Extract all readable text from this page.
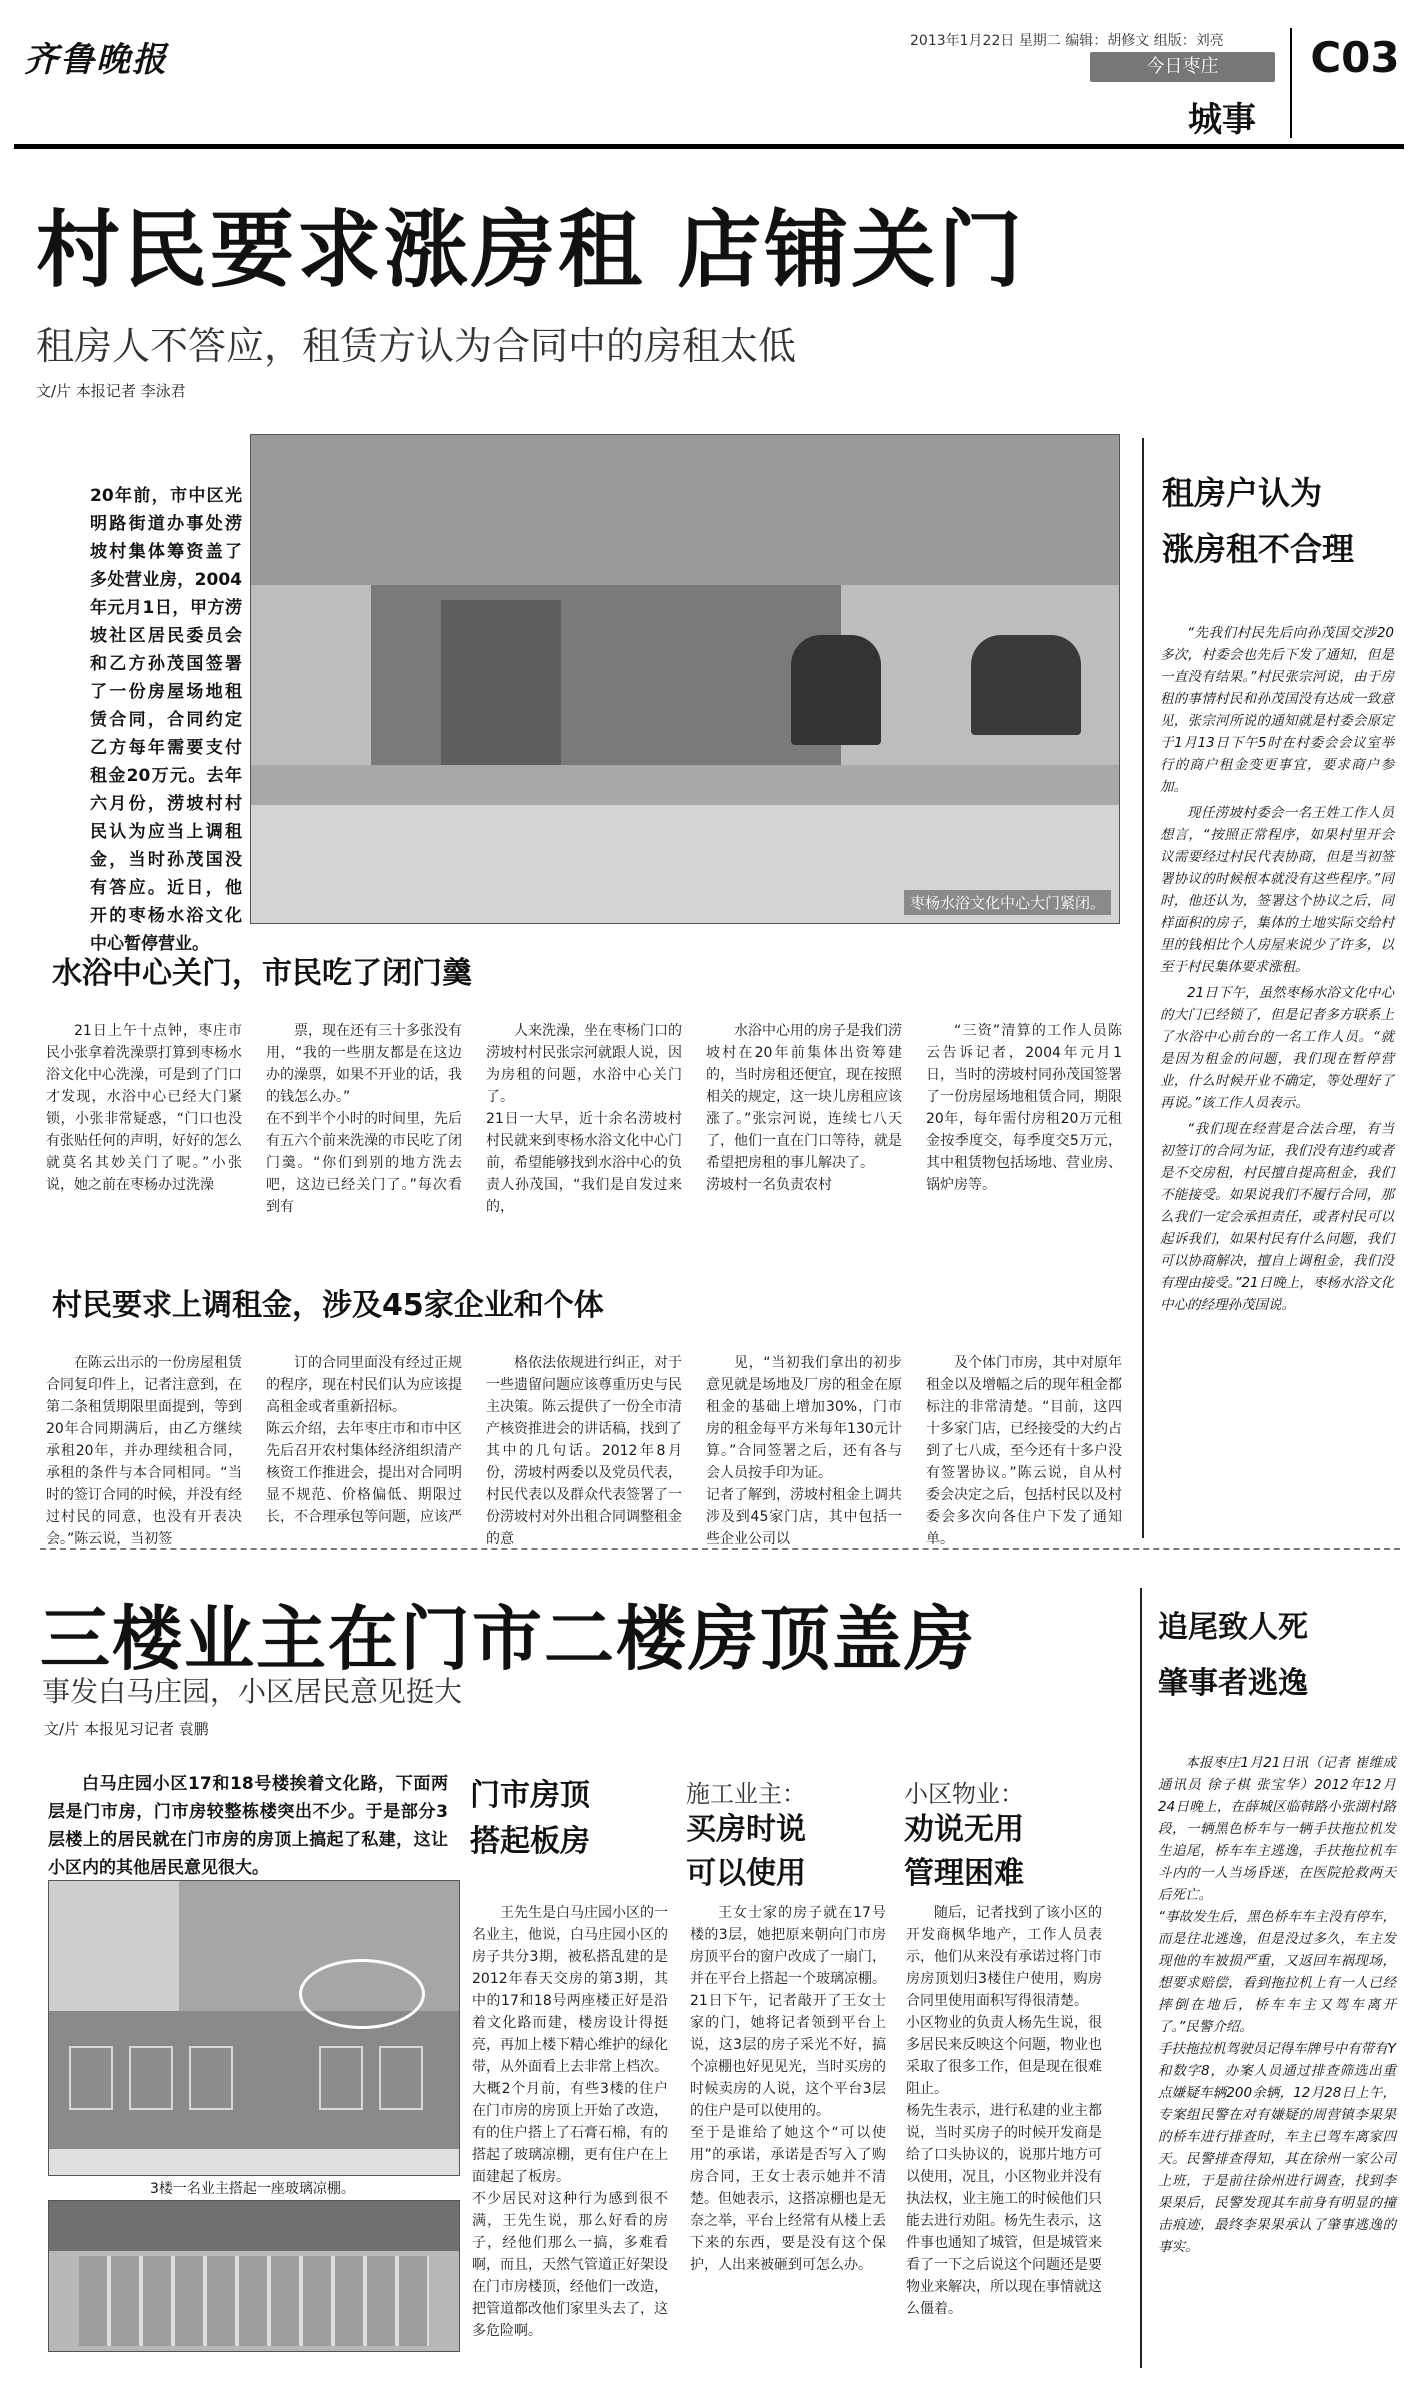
齐鲁晚报	2013年1月22日 星期二 编辑：胡修文 组版：刘亮
今日枣庄
城事
C03
村民要求涨房租 店铺关门
租房人不答应，租赁方认为合同中的房租太低
文/片 本报记者 李泳君
20年前，市中区光明路街道办事处涝坡村集体筹资盖了多处营业房，2004年元月1日，甲方涝坡社区居民委员会和乙方孙茂国签署了一份房屋场地租赁合同，合同约定乙方每年需要支付租金20万元。去年六月份，涝坡村村民认为应当上调租金，当时孙茂国没有答应。近日，他开的枣杨水浴文化中心暂停营业。
枣杨水浴文化中心大门紧闭。
租房户认为
涨房租不合理

“先我们村民先后向孙茂国交涉20多次，村委会也先后下发了通知，但是一直没有结果。”村民张宗河说，由于房租的事情村民和孙茂国没有达成一致意见，张宗河所说的通知就是村委会原定于1月13日下午5时在村委会会议室举行的商户租金变更事宜，要求商户参加。

现任涝坡村委会一名王姓工作人员想言，“按照正常程序，如果村里开会议需要经过村民代表协商，但是当初签署协议的时候根本就没有这些程序。”同时，他还认为，签署这个协议之后，同样面积的房子，集体的土地实际交给村里的钱相比个人房屋来说少了许多，以至于村民集体要求涨租。

21日下午，虽然枣杨水浴文化中心的大门已经锁了，但是记者多方联系上了水浴中心前台的一名工作人员。“就是因为租金的问题，我们现在暂停营业，什么时候开业不确定，等处理好了再说。”该工作人员表示。

“我们现在经营是合法合理，有当初签订的合同为证，我们没有违约或者是不交房租，村民擅自提高租金，我们不能接受。如果说我们不履行合同，那么我们一定会承担责任，或者村民可以起诉我们，如果村民有什么问题，我们可以协商解决，擅自上调租金，我们没有理由接受。”21日晚上，枣杨水浴文化中心的经理孙茂国说。

水浴中心关门，市民吃了闭门羹
21日上午十点钟，枣庄市民小张拿着洗澡票打算到枣杨水浴文化中心洗澡，可是到了门口才发现，水浴中心已经大门紧锁，小张非常疑惑，“门口也没有张贴任何的声明，好好的怎么就莫名其妙关门了呢。”小张说，她之前在枣杨办过洗澡
票，现在还有三十多张没有用，“我的一些朋友都是在这边办的澡票，如果不开业的话，我的钱怎么办。”
在不到半个小时的时间里，先后有五六个前来洗澡的市民吃了闭门羹。“你们到别的地方洗去吧，这边已经关门了。”每次看到有
人来洗澡，坐在枣杨门口的涝坡村村民张宗河就跟人说，因为房租的问题，水浴中心关门了。
21日一大早，近十余名涝坡村村民就来到枣杨水浴文化中心门前，希望能够找到水浴中心的负责人孙茂国，“我们是自发过来的，
水浴中心用的房子是我们涝坡村在20年前集体出资筹建的，当时房租还便宜，现在按照相关的规定，这一块儿房租应该涨了。”张宗河说，连续七八天了，他们一直在门口等待，就是希望把房租的事儿解决了。
涝坡村一名负责农村
“三资”清算的工作人员陈云告诉记者，2004年元月1日，当时的涝坡村同孙茂国签署了一份房屋场地租赁合同，期限20年，每年需付房租20万元租金按季度交，每季度交5万元，其中租赁物包括场地、营业房、锅炉房等。
村民要求上调租金，涉及45家企业和个体
在陈云出示的一份房屋租赁合同复印件上，记者注意到，在第二条租赁期限里面提到，等到20年合同期满后，由乙方继续承租20年，并办理续租合同，承租的条件与本合同相同。“当时的签订合同的时候，并没有经过村民的同意，也没有开表决会。”陈云说，当初签
订的合同里面没有经过正规的程序，现在村民们认为应该提高租金或者重新招标。
陈云介绍，去年枣庄市和市中区先后召开农村集体经济组织清产核资工作推进会，提出对合同明显不规范、价格偏低、期限过长，不合理承包等问题，应该严
格依法依规进行纠正，对于一些遗留问题应该尊重历史与民主决策。陈云提供了一份全市清产核资推进会的讲话稿，找到了其中的几句话。2012年8月份，涝坡村两委以及党员代表，村民代表以及群众代表签署了一份涝坡村对外出租合同调整租金的意
见，“当初我们拿出的初步意见就是场地及厂房的租金在原租金的基础上增加30%，门市房的租金每平方米每年130元计算。”合同签署之后，还有各与会人员按手印为证。
记者了解到，涝坡村租金上调共涉及到45家门店，其中包括一些企业公司以
及个体门市房，其中对原年租金以及增幅之后的现年租金都标注的非常清楚。“目前，这四十多家门店，已经接受的大约占到了七八成，至今还有十多户没有签署协议。”陈云说，自从村委会决定之后，包括村民以及村委会多次向各住户下发了通知单。
三楼业主在门市二楼房顶盖房
事发白马庄园，小区居民意见挺大
文/片 本报见习记者 袁鹏
白马庄园小区17和18号楼挨着文化路，下面两层是门市房，门市房较整栋楼突出不少。于是部分3层楼上的居民就在门市房的房顶上搞起了私建，这让小区内的其他居民意见很大。
3楼一名业主搭起一座玻璃凉棚。
门市房顶
搭起板房
施工业主：
买房时说
可以使用
小区物业：
劝说无用
管理困难
王先生是白马庄园小区的一名业主，他说，白马庄园小区的房子共分3期，被私搭乱建的是2012年春天交房的第3期，其中的17和18号两座楼正好是沿着文化路而建，楼房设计得挺亮，再加上楼下精心维护的绿化带，从外面看上去非常上档次。
大概2个月前，有些3楼的住户在门市房的房顶上开始了改造，有的住户搭上了石膏石棉，有的搭起了玻璃凉棚，更有住户在上面建起了板房。
不少居民对这种行为感到很不满，王先生说，那么好看的房子，经他们那么一搞，多难看啊，而且，天然气管道正好架设在门市房楼顶，经他们一改造，把管道都改他们家里头去了，这多危险啊。
王女士家的房子就在17号楼的3层，她把原来朝向门市房房顶平台的窗户改成了一扇门，并在平台上搭起一个玻璃凉棚。
21日下午，记者敲开了王女士家的门，她将记者领到平台上说，这3层的房子采光不好，搞个凉棚也好见见光，当时买房的时候卖房的人说，这个平台3层的住户是可以使用的。
至于是谁给了她这个“可以使用”的承诺，承诺是否写入了购房合同，王女士表示她并不清楚。但她表示，这搭凉棚也是无奈之举，平台上经常有从楼上丢下来的东西，要是没有这个保护，人出来被砸到可怎么办。
随后，记者找到了该小区的开发商枫华地产，工作人员表示，他们从来没有承诺过将门市房房顶划归3楼住户使用，购房合同里使用面积写得很清楚。
小区物业的负责人杨先生说，很多居民来反映这个问题，物业也采取了很多工作，但是现在很难阻止。
杨先生表示，进行私建的业主都说，当时买房子的时候开发商是给了口头协议的，说那片地方可以使用，况且，小区物业并没有执法权，业主施工的时候他们只能去进行劝阻。杨先生表示，这件事也通知了城管，但是城管来看了一下之后说这个问题还是要物业来解决，所以现在事情就这么僵着。
追尾致人死
肇事者逃逸
本报枣庄1月21日讯（记者 崔维成 通讯员 徐子棋 张宝华）2012年12月24日晚上，在薛城区临韩路小张湖村路段，一辆黑色桥车与一辆手扶拖拉机发生追尾，桥车车主逃逸，手扶拖拉机车斗内的一人当场昏迷，在医院抢救两天后死亡。
“事故发生后，黑色桥车车主没有停车，而是往北逃逸，但是没过多久，车主发现他的车被损严重，又返回车祸现场，想要求赔偿，看到拖拉机上有一人已经摔倒在地后，桥车车主又驾车离开了。”民警介绍。
手扶拖拉机驾驶员记得车牌号中有带有Y和数字8，办案人员通过排查筛选出重点嫌疑车辆200余辆，12月28日上午，专案组民警在对有嫌疑的周营镇李果果的桥车进行排查时，车主已驾车离家四天。民警排查得知，其在徐州一家公司上班，于是前往徐州进行调查，找到李果果后，民警发现其车前身有明显的撞击痕迹，最终李果果承认了肇事逃逸的事实。
